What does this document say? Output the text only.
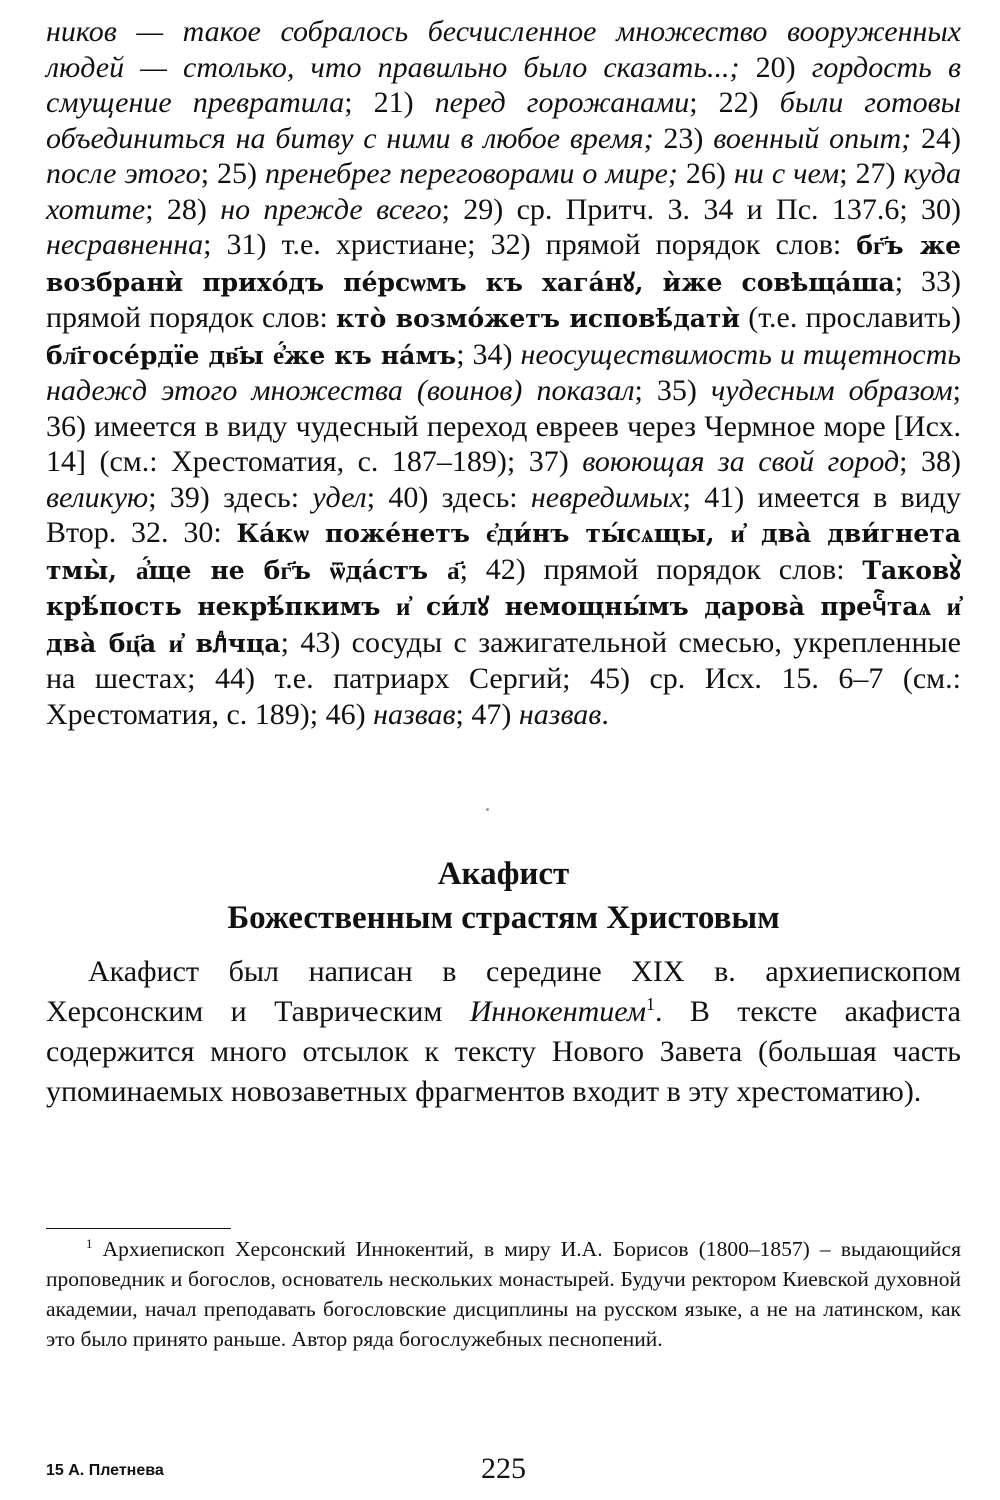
ников — такое собралось бесчисленное множество вооруженных людей — столько, что правильно было сказать...; 20) гордость в смущение превратила; 21) перед горожанами; 22) были готовы объединиться на битву с ними в любое время; 23) военный опыт; 24) после этого; 25) пренебрег переговорами о мире; 26) ни с чем; 27) куда хотите; 28) но прежде всего; 29) ср. Притч. 3. 34 и Пс. 137.6; 30) несравненна; 31) т.е. христиане; 32) прямой порядок слов: бг҃ъ же возбранѝ прихо́дъ пе́рсѡмъ къ хага́нꙋ, ѝже совѣща́ша; 33) прямой порядок слов: кто̀ возмо́жетъ исповѣ́датѝ (т.е. прославить) бл҃госе́рдїе дв҃ы е҆́же къ на́мъ; 34) неосуществимость и тщетность надежд этого множества (воинов) показал; 35) чудесным образом; 36) имеется в виду чудесный переход евреев через Чермное море [Исх. 14] (см.: Хрестоматия, с. 187–189); 37) воюющая за свой город; 38) великую; 39) здесь: удел; 40) здесь: невредимых; 41) имеется в виду Втор. 32. 30: Ка́кѡ поже́нетъ є҆ди́нъ ты́сѧщы, и҆ два̀ дви́гнета тмы̀, а҆́ще не бг҃ъ ѿда́стъ а҃; 42) прямой порядок слов: Таковꙋ̀ крѣ́пость некрѣ́пкимъ и҆ си́лꙋ немощны́мъ дарова̀ пречⷭ҇таѧ и҆ два̀ бц҃а и҆ влⷣчца; 43) сосуды с зажигательной смесью, укрепленные на шестах; 44) т.е. патриарх Сергий; 45) ср. Исх. 15. 6–7 (см.: Хрестоматия, с. 189); 46) назвав; 47) назвав.

Акафист
Божественным страстям Христовым

Акафист был написан в середине XIX в. архиепископом Херсонским и Таврическим Иннокентием$^1$. В тексте акафиста содержится много отсылок к тексту Нового Завета (большая часть упоминаемых новозаветных фрагментов входит в эту хрестоматию).

$^1$ Архиепископ Херсонский Иннокентий, в миру И.А. Борисов (1800–1857) – выдающийся проповедник и богослов, основатель нескольких монастырей. Будучи ректором Киевской духовной академии, начал преподавать богословские дисциплины на русском языке, а не на латинском, как это было принято раньше. Автор ряда богослужебных песнопений.

15 А. Плетнева	225
